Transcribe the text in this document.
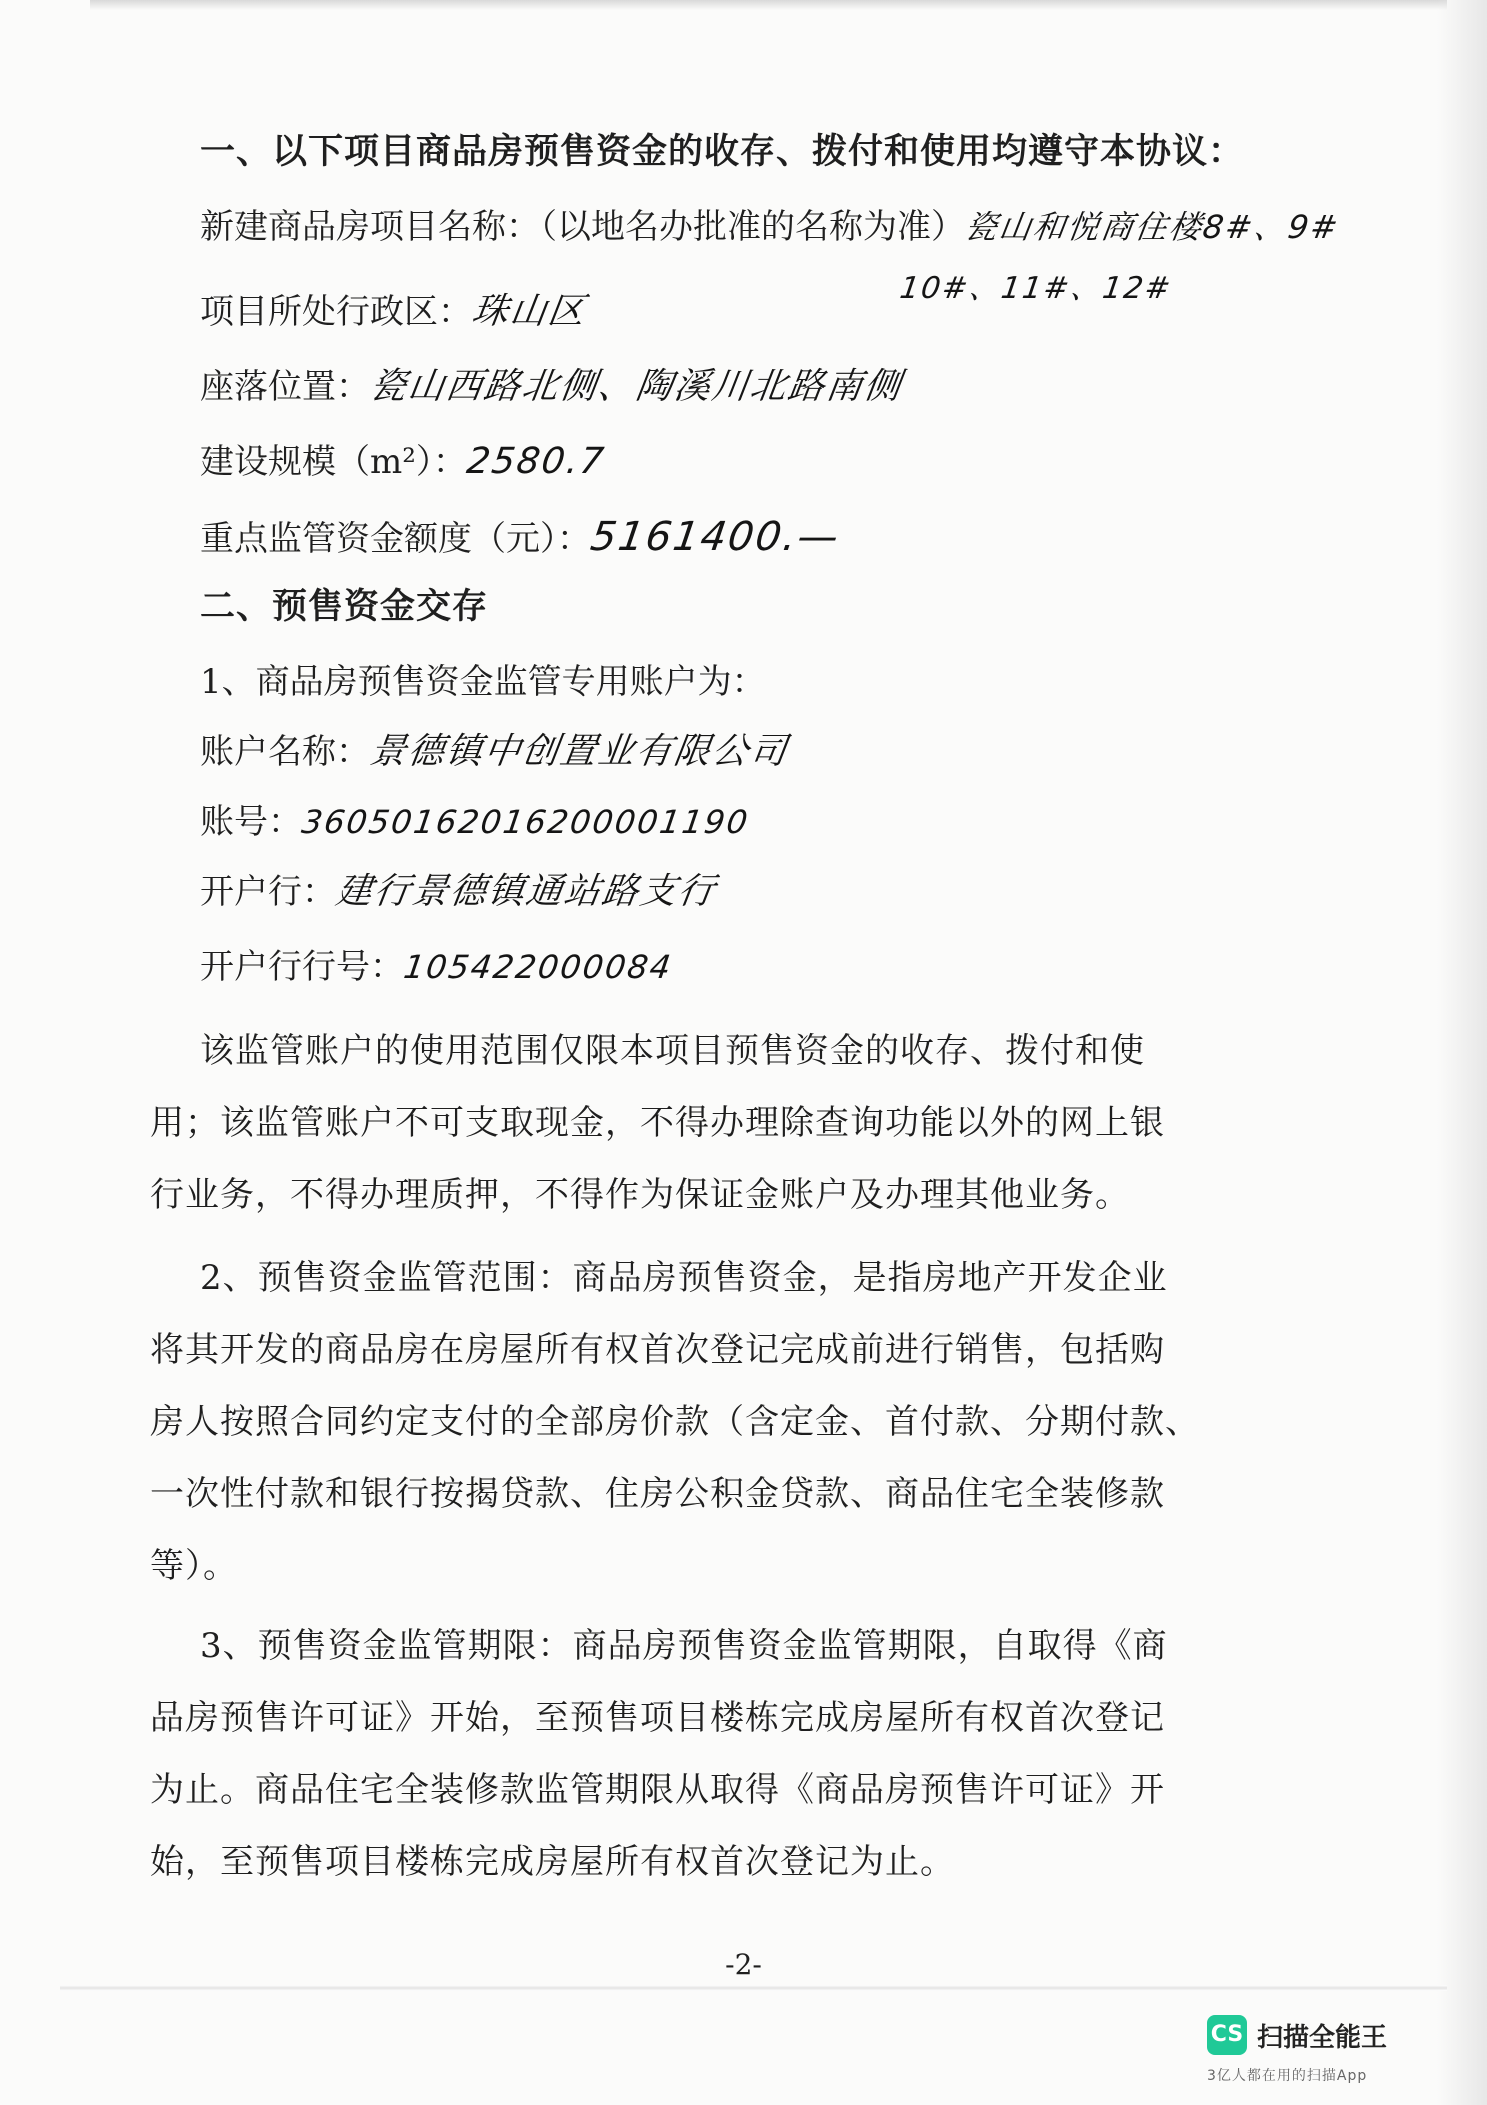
一、以下项目商品房预售资金的收存、拨付和使用均遵守本协议：
新建商品房项目名称：（以地名办批准的名称为准）瓷山和悦商住楼8#、9#
10#、11#、12#
项目所处行政区：珠山区
座落位置：瓷山西路北侧、陶溪川北路南侧
建设规模（m²）：2580.7
重点监管资金额度（元）：5161400.—
二、预售资金交存
1、商品房预售资金监管专用账户为：
账户名称：景德镇中创置业有限公司
账号：36050162016200001190
开户行：建行景德镇通站路支行
开户行行号：105422000084
该监管账户的使用范围仅限本项目预售资金的收存、拨付和使
用；该监管账户不可支取现金，不得办理除查询功能以外的网上银
行业务，不得办理质押，不得作为保证金账户及办理其他业务。
2、预售资金监管范围：商品房预售资金，是指房地产开发企业
将其开发的商品房在房屋所有权首次登记完成前进行销售，包括购
房人按照合同约定支付的全部房价款（含定金、首付款、分期付款、
一次性付款和银行按揭贷款、住房公积金贷款、商品住宅全装修款
等）。
3、预售资金监管期限：商品房预售资金监管期限，自取得《商
品房预售许可证》开始，至预售项目楼栋完成房屋所有权首次登记
为止。商品住宅全装修款监管期限从取得《商品房预售许可证》开
始，至预售项目楼栋完成房屋所有权首次登记为止。
-2-
CS 扫描全能王
3亿人都在用的扫描App
